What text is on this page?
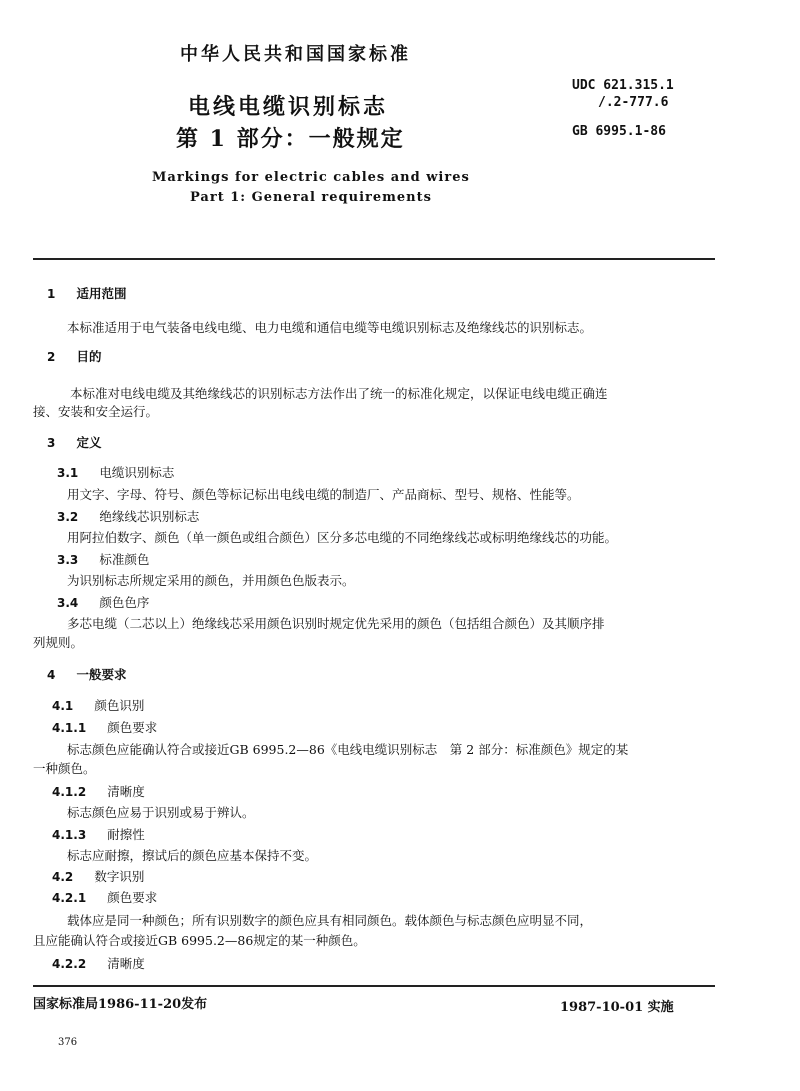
中华人民共和国国家标准
电线电缆识别标志
第 1 部分：一般规定
UDC 621.315.1
/.2-777.6
GB 6995.1-86
Markings for electric cables and wires
Part 1: General requirements
1 适用范围
本标准适用于电气装备电线电缆、电力电缆和通信电缆等电缆识别标志及绝缘线芯的识别标志。
2 目的
本标准对电线电缆及其绝缘线芯的识别标志方法作出了统一的标准化规定，以保证电线电缆正确连
接、安装和安全运行。
3 定义
3.1 电缆识别标志
用文字、字母、符号、颜色等标记标出电线电缆的制造厂、产品商标、型号、规格、性能等。
3.2 绝缘线芯识别标志
用阿拉伯数字、颜色（单一颜色或组合颜色）区分多芯电缆的不同绝缘线芯或标明绝缘线芯的功能。
3.3 标准颜色
为识别标志所规定采用的颜色，并用颜色色版表示。
3.4 颜色色序
多芯电缆（二芯以上）绝缘线芯采用颜色识别时规定优先采用的颜色（包括组合颜色）及其顺序排
列规则。
4 一般要求
4.1 颜色识别
4.1.1 颜色要求
标志颜色应能确认符合或接近GB 6995.2—86《电线电缆识别标志　第 2 部分：标准颜色》规定的某
一种颜色。
4.1.2 清晰度
标志颜色应易于识别或易于辨认。
4.1.3 耐擦性
标志应耐擦，擦试后的颜色应基本保持不变。
4.2 数字识别
4.2.1 颜色要求
载体应是同一种颜色；所有识别数字的颜色应具有相同颜色。载体颜色与标志颜色应明显不同，
且应能确认符合或接近GB 6995.2—86规定的某一种颜色。
4.2.2 清晰度
国家标准局1986-11-20发布	1987-10-01 实施
376
